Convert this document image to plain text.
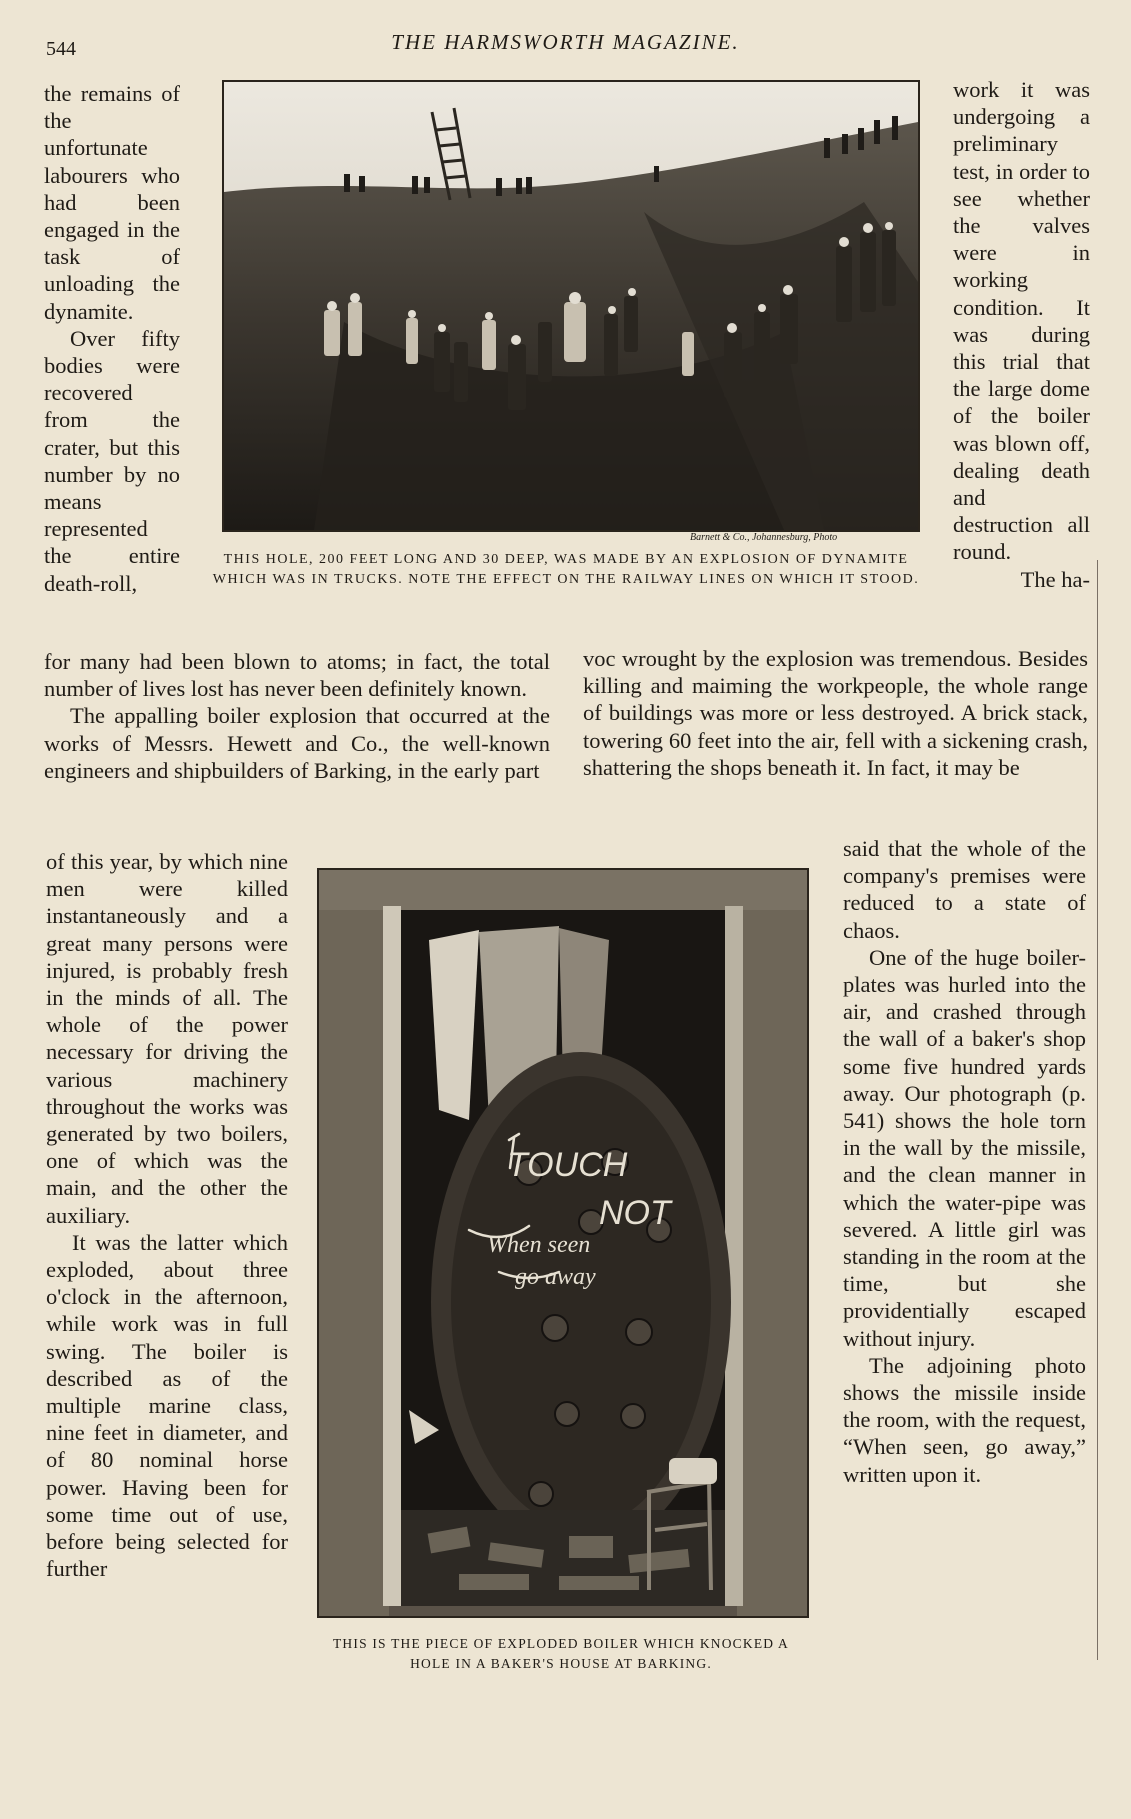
544	THE HARMSWORTH MAGAZINE.
Barnett & Co., Johannesburg, Photo

THIS HOLE, 200 FEET LONG AND 30 DEEP, WAS MADE BY AN EXPLOSION OF DYNAMITE WHICH WAS IN TRUCKS. NOTE THE EFFECT ON THE RAILWAY LINES ON WHICH IT STOOD.

the remains of the unfortunate labourers who had been engaged in the task of unloading the dynamite.

Over fifty bodies were recovered from the crater, but this number by no means represented the entire death-roll,

work it was undergoing a preliminary test, in order to see whether the valves were in working condition. It was during this trial that the large dome of the boiler was blown off, dealing death and destruction all round.

The ha-

for many had been blown to atoms; in fact, the total number of lives lost has never been definitely known.

The appalling boiler explosion that occurred at the works of Messrs. Hewett and Co., the well-known engineers and shipbuilders of Barking, in the early part

voc wrought by the explosion was tremendous. Besides killing and maiming the workpeople, the whole range of buildings was more or less destroyed. A brick stack, towering 60 feet into the air, fell with a sickening crash, shattering the shops beneath it. In fact, it may be

TOUCH
NOT
When seen
go away

THIS IS THE PIECE OF EXPLODED BOILER WHICH KNOCKED A HOLE IN A BAKER'S HOUSE AT BARKING.

of this year, by which nine men were killed instantaneously and a great many persons were injured, is probably fresh in the minds of all. The whole of the power necessary for driving the various machinery throughout the works was generated by two boilers, one of which was the main, and the other the auxiliary.

It was the latter which exploded, about three o'clock in the afternoon, while work was in full swing. The boiler is described as of the multiple marine class, nine feet in diameter, and of 80 nominal horse power. Having been for some time out of use, before being selected for further

said that the whole of the company's premises were reduced to a state of chaos.

One of the huge boiler-plates was hurled into the air, and crashed through the wall of a baker's shop some five hundred yards away. Our photograph (p. 541) shows the hole torn in the wall by the missile, and the clean manner in which the water-pipe was severed. A little girl was standing in the room at the time, but she providentially escaped without injury.

The adjoining photo shows the missile inside the room, with the request, “When seen, go away,” written upon it.
